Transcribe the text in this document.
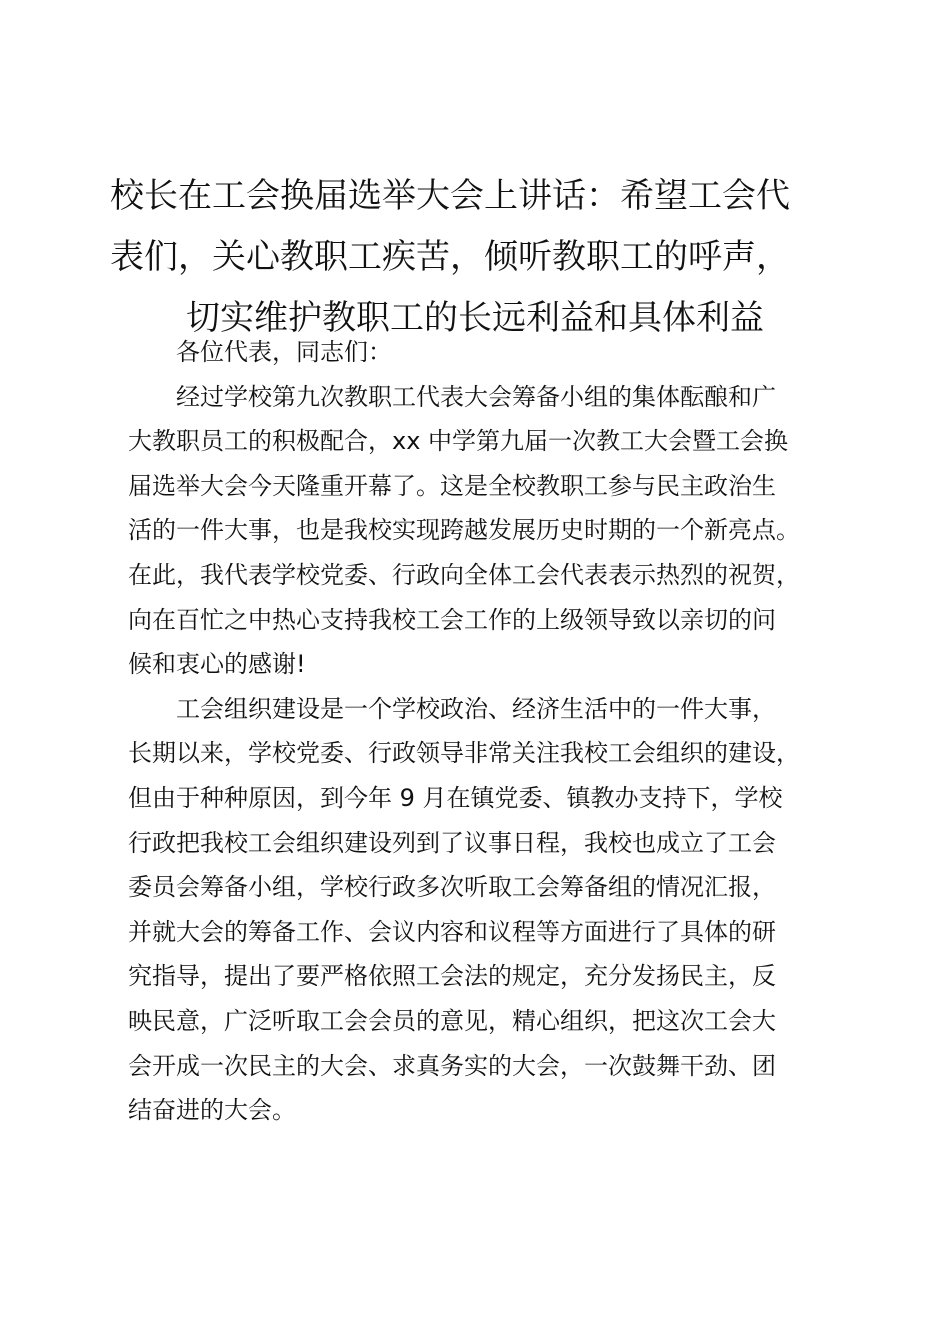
校长在工会换届选举大会上讲话：希望工会代
表们，关心教职工疾苦，倾听教职工的呼声，
切实维护教职工的长远利益和具体利益
各位代表，同志们：
经过学校第九次教职工代表大会筹备小组的集体酝酿和广
大教职员工的积极配合，xx 中学第九届一次教工大会暨工会换
届选举大会今天隆重开幕了。这是全校教职工参与民主政治生
活的一件大事，也是我校实现跨越发展历史时期的一个新亮点。
在此，我代表学校党委、行政向全体工会代表表示热烈的祝贺，
向在百忙之中热心支持我校工会工作的上级领导致以亲切的问
候和衷心的感谢!
工会组织建设是一个学校政治、经济生活中的一件大事，
长期以来，学校党委、行政领导非常关注我校工会组织的建设，
但由于种种原因，到今年 9 月在镇党委、镇教办支持下，学校
行政把我校工会组织建设列到了议事日程，我校也成立了工会
委员会筹备小组，学校行政多次听取工会筹备组的情况汇报，
并就大会的筹备工作、会议内容和议程等方面进行了具体的研
究指导，提出了要严格依照工会法的规定，充分发扬民主，反
映民意，广泛听取工会会员的意见，精心组织，把这次工会大
会开成一次民主的大会、求真务实的大会，一次鼓舞干劲、团
结奋进的大会。
